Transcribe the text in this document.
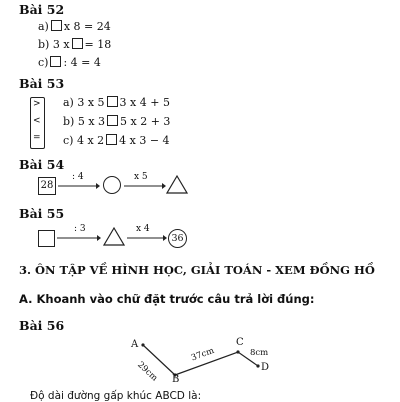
Bài 52
a) x 8 = 24
b) 3 x = 18
c) : 4 = 4
Bài 53
>
<
=
a) 3 x 5 3 x 4 + 5
b) 5 x 3 5 x 2 + 3
c) 4 x 2 4 x 3 − 4
Bài 54
28
: 4	x 5
Bài 55
: 3	x 4
36
3. ÔN TẬP VỀ HÌNH HỌC, GIẢI TOÁN - XEM ĐỒNG HỒ
A. Khoanh vào chữ đặt trước câu trả lời đúng:
Bài 56
A
B
C
D
29cm
37cm	8cm
Độ dài đường gấp khúc ABCD là:
